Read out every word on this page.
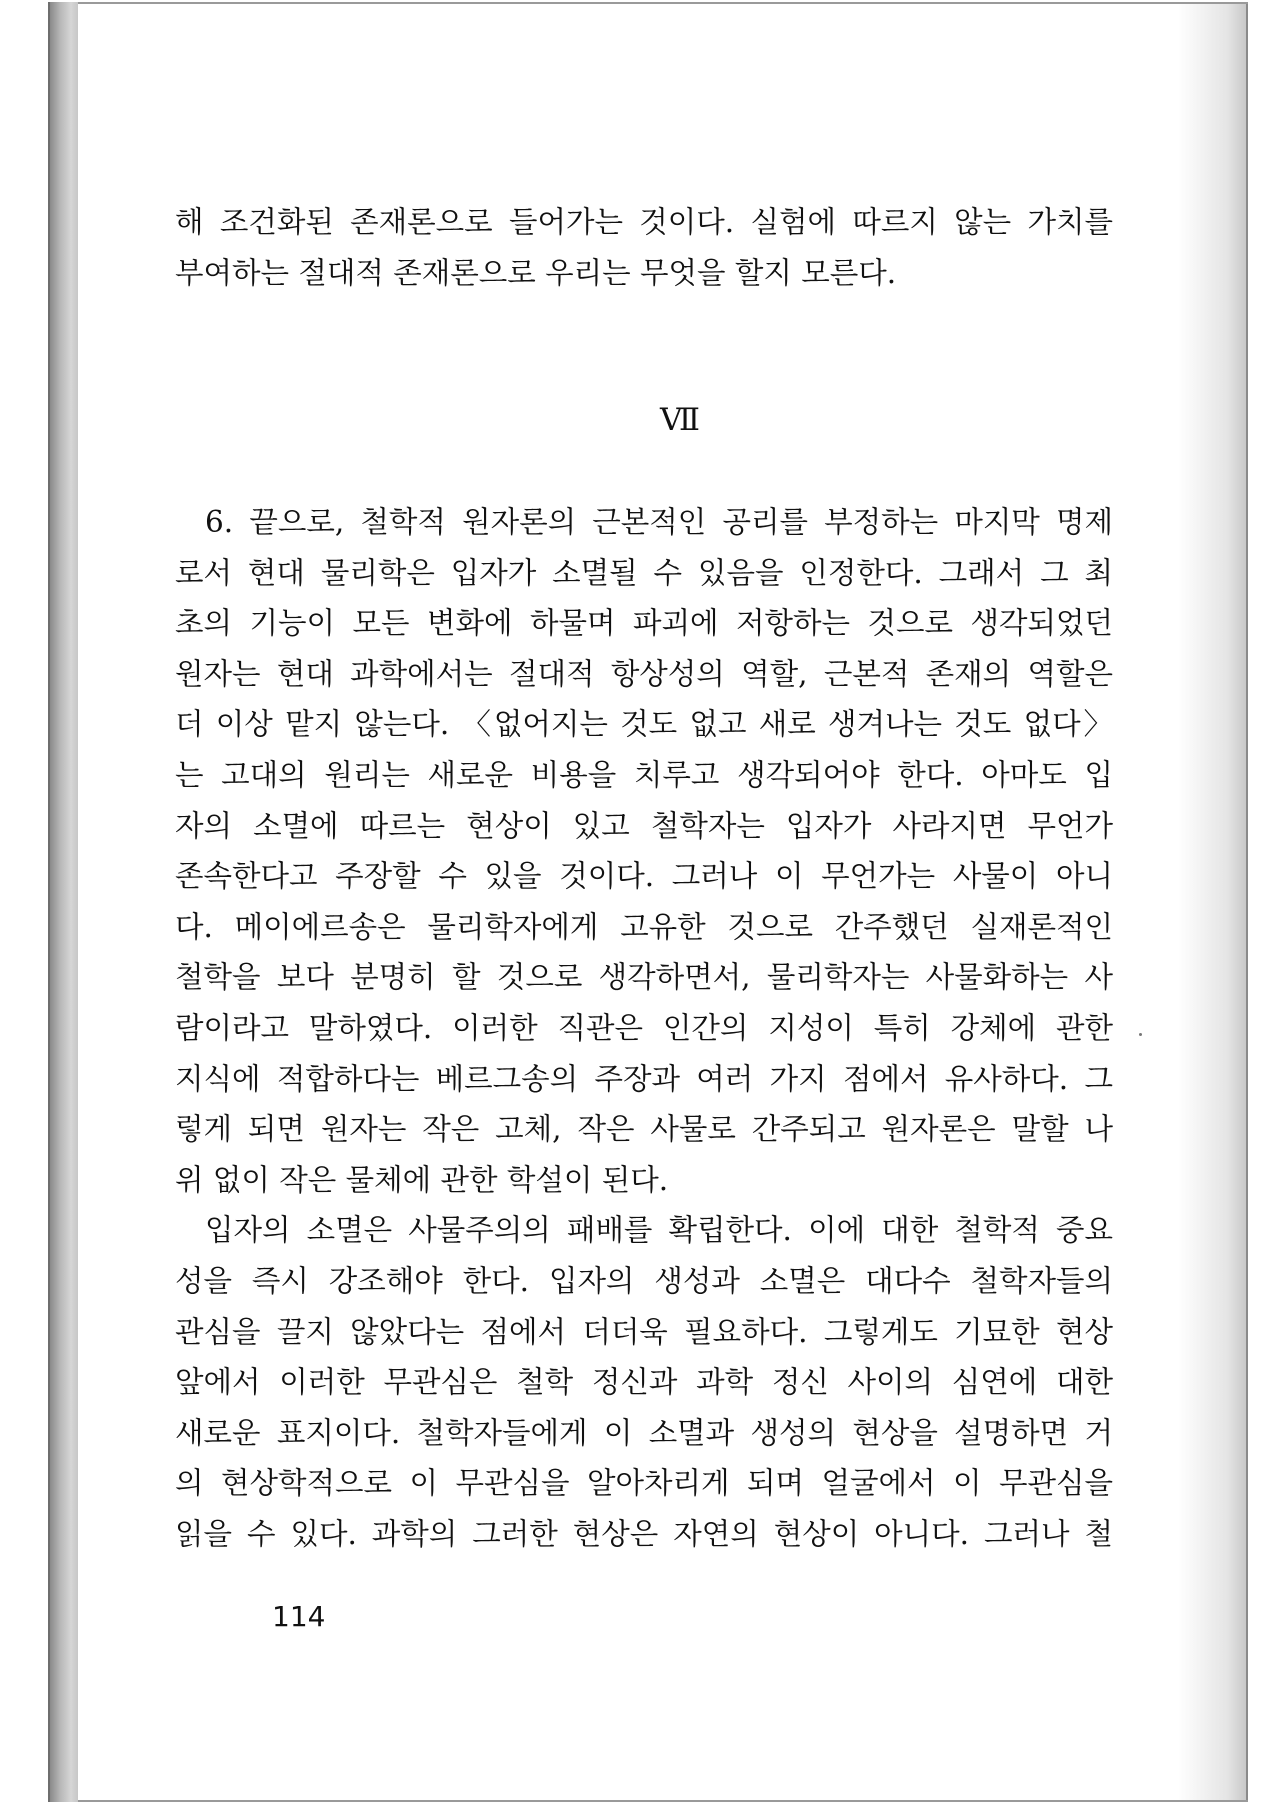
해 조건화된 존재론으로 들어가는 것이다. 실험에 따르지 않는 가치를
부여하는 절대적 존재론으로 우리는 무엇을 할지 모른다.
Ⅶ
6. 끝으로, 철학적 원자론의 근본적인 공리를 부정하는 마지막 명제
로서 현대 물리학은 입자가 소멸될 수 있음을 인정한다. 그래서 그 최
초의 기능이 모든 변화에 하물며 파괴에 저항하는 것으로 생각되었던
원자는 현대 과학에서는 절대적 항상성의 역할, 근본적 존재의 역할은
더 이상 맡지 않는다. 〈없어지는 것도 없고 새로 생겨나는 것도 없다〉
는 고대의 원리는 새로운 비용을 치루고 생각되어야 한다. 아마도 입
자의 소멸에 따르는 현상이 있고 철학자는 입자가 사라지면 무언가
존속한다고 주장할 수 있을 것이다. 그러나 이 무언가는 사물이 아니
다. 메이에르송은 물리학자에게 고유한 것으로 간주했던 실재론적인
철학을 보다 분명히 할 것으로 생각하면서, 물리학자는 사물화하는 사
람이라고 말하였다. 이러한 직관은 인간의 지성이 특히 강체에 관한
지식에 적합하다는 베르그송의 주장과 여러 가지 점에서 유사하다. 그
렇게 되면 원자는 작은 고체, 작은 사물로 간주되고 원자론은 말할 나
위 없이 작은 물체에 관한 학설이 된다.
입자의 소멸은 사물주의의 패배를 확립한다. 이에 대한 철학적 중요
성을 즉시 강조해야 한다. 입자의 생성과 소멸은 대다수 철학자들의
관심을 끌지 않았다는 점에서 더더욱 필요하다. 그렇게도 기묘한 현상
앞에서 이러한 무관심은 철학 정신과 과학 정신 사이의 심연에 대한
새로운 표지이다. 철학자들에게 이 소멸과 생성의 현상을 설명하면 거
의 현상학적으로 이 무관심을 알아차리게 되며 얼굴에서 이 무관심을
읽을 수 있다. 과학의 그러한 현상은 자연의 현상이 아니다. 그러나 철
114
